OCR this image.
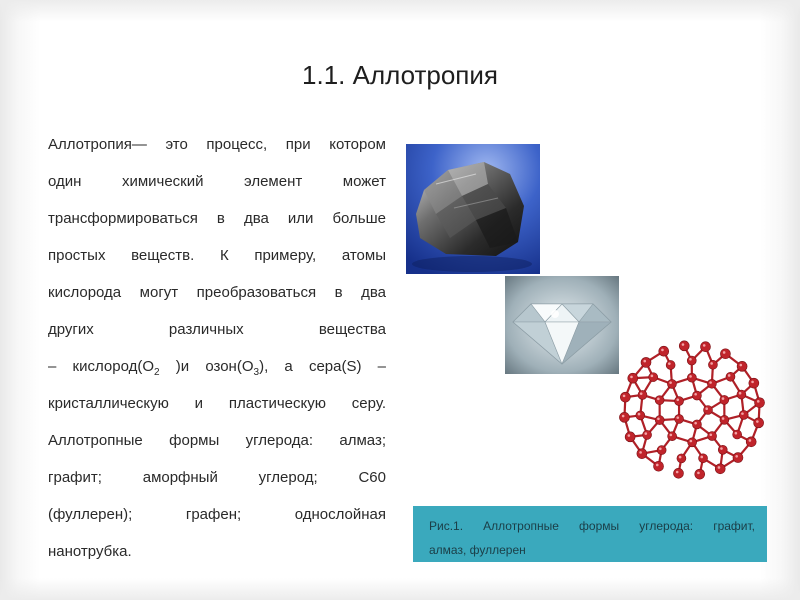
1.1. Аллотропия
Аллотропия— это процесс, при котором
один химический элемент может
трансформироваться в два или больше
простых веществ. К примеру, атомы
кислорода могут преобразоваться в два
других различных вещества
– $кислород(O_2$ )и $озон(O_3)$, а сера(S) –
кристаллическую и пластическую серу.
Аллотропные формы углерода: алмаз;
графит; аморфный углерод; С60
(фуллерен); графен; однослойная
нанотрубка.
Рис.1. Аллотропные формы углерода: графит,
алмаз, фуллерен
